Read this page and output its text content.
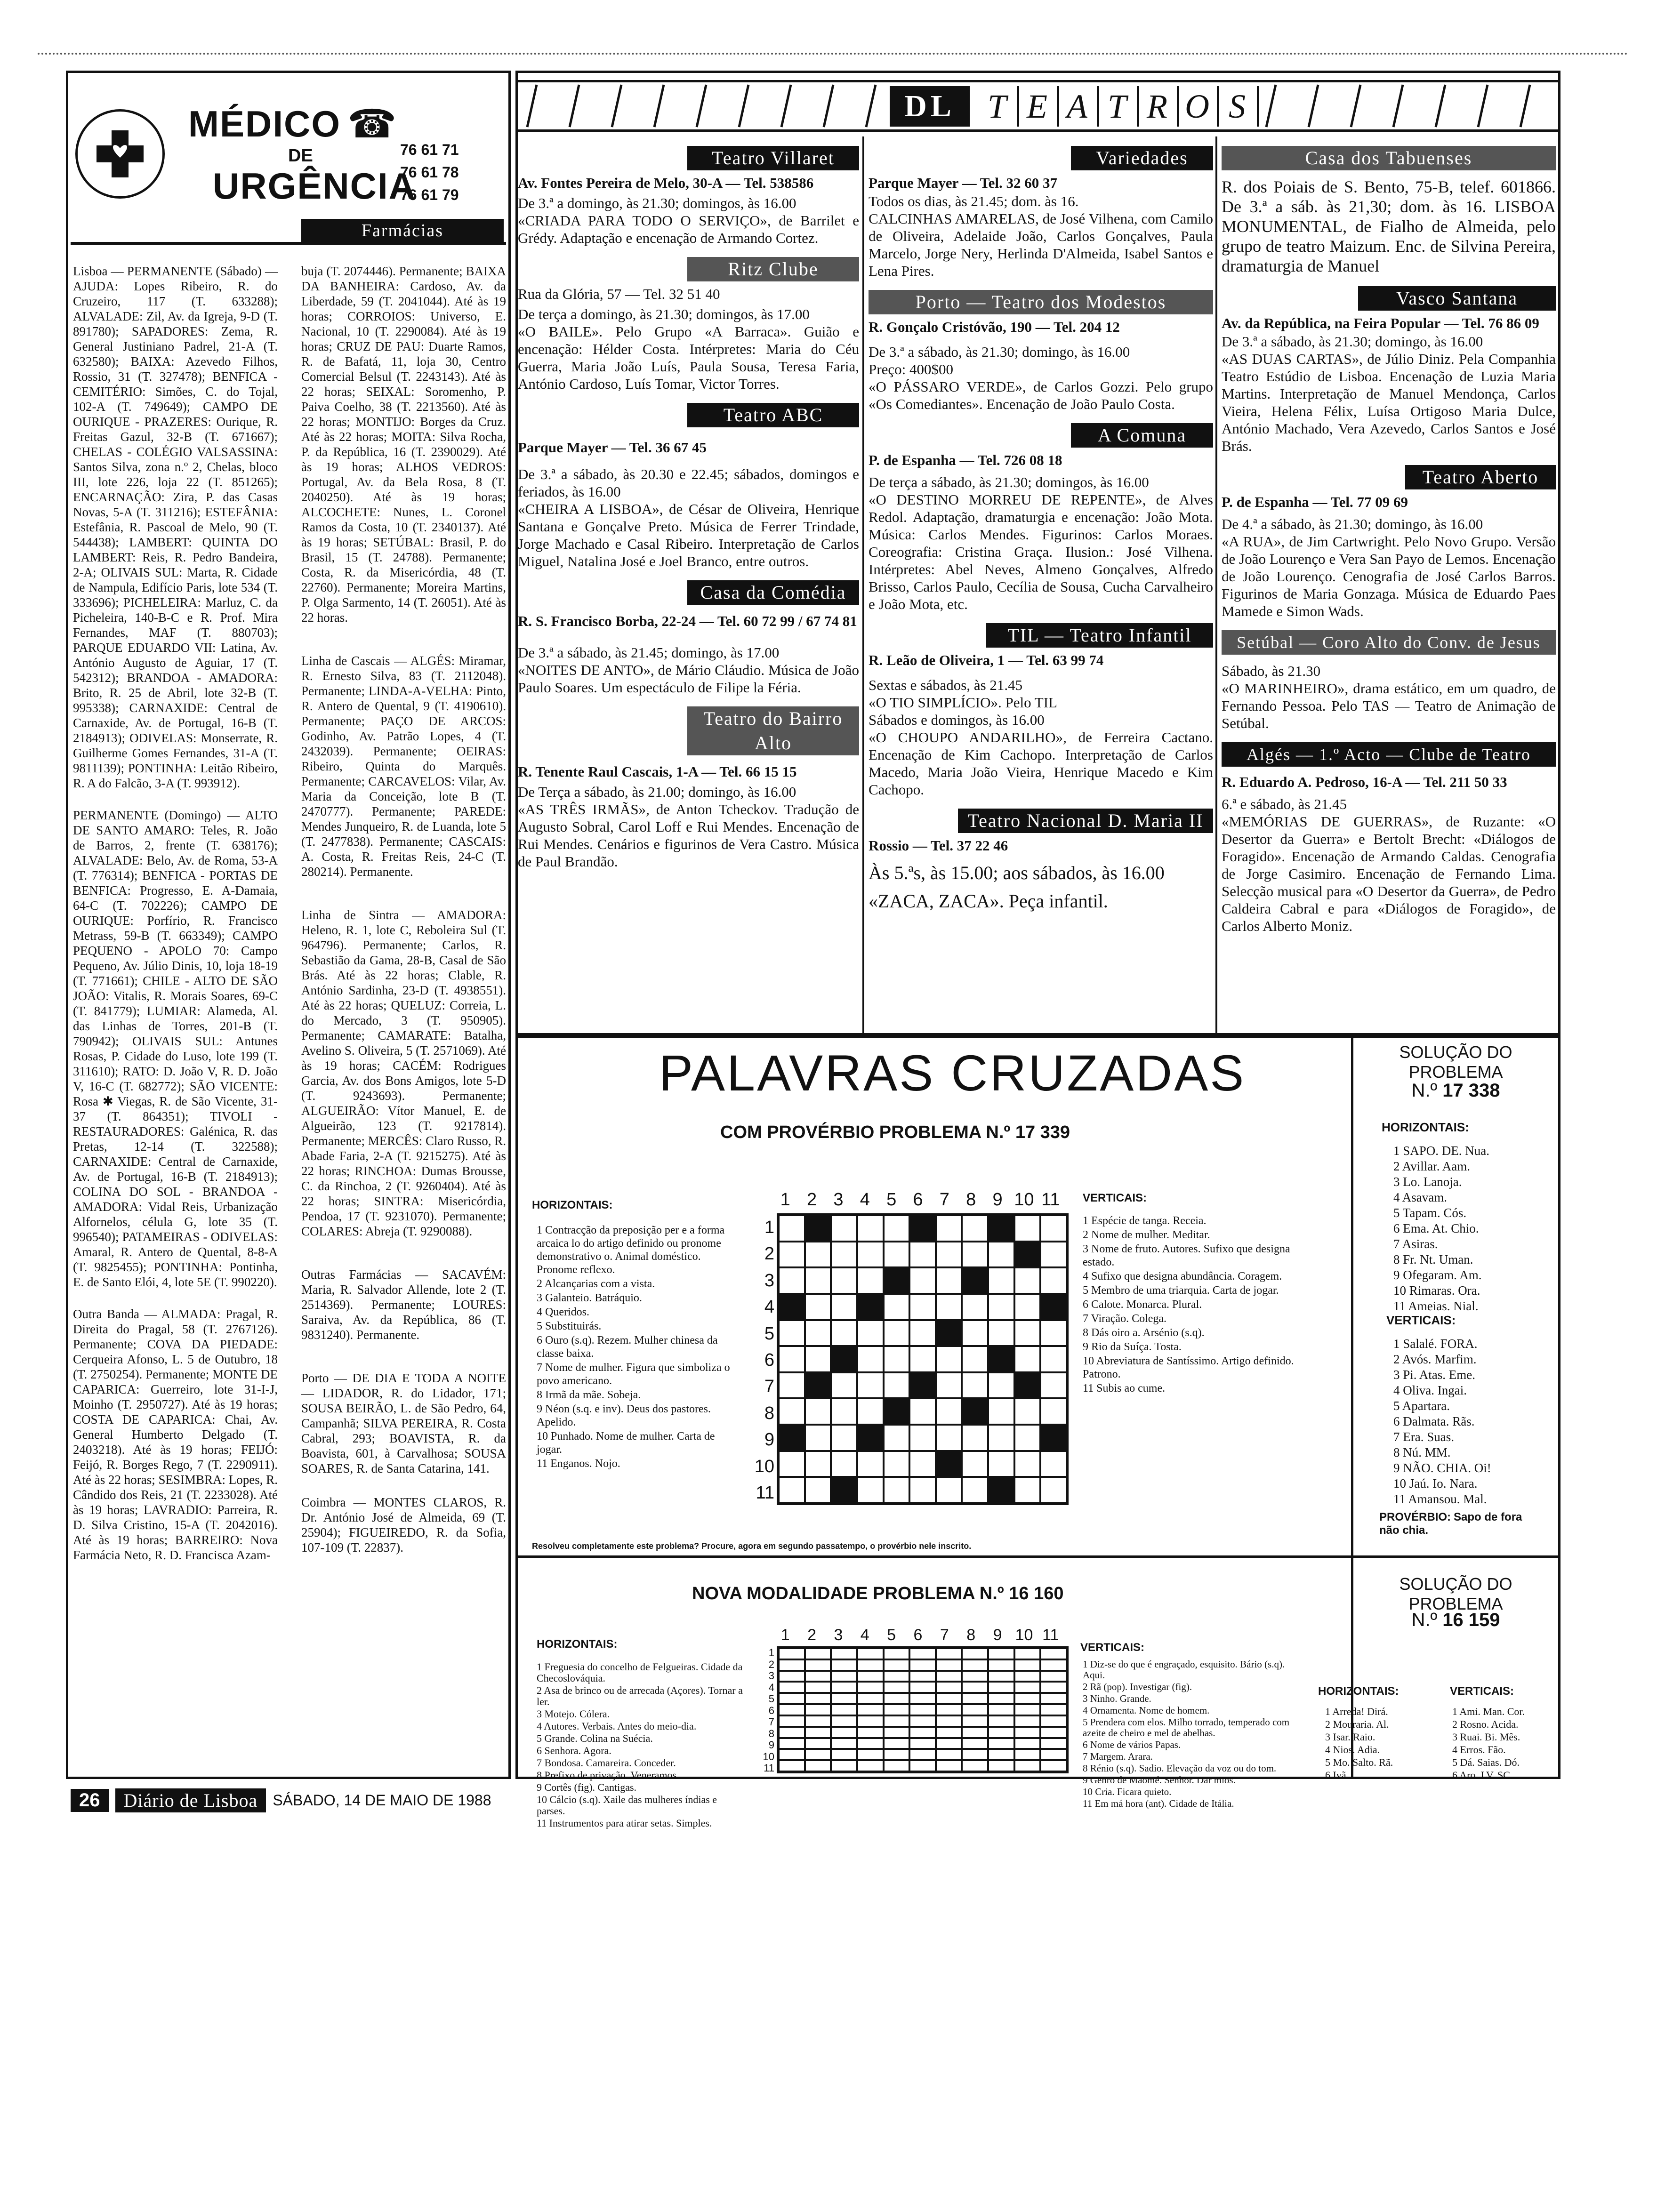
MÉDICO ☎
DE
URGÊNCIA
76 61 71
76 61 78
76 61 79
Farmácias

Lisboa — PERMANENTE (Sábado) — AJUDA: Lopes Ribeiro, R. do Cruzeiro, 117 (T. 633288); ALVALADE: Zil, Av. da Igreja, 9-D (T. 891780); SAPADORES: Zema, R. General Justiniano Padrel, 21-A (T. 632580); BAIXA: Azevedo Filhos, Rossio, 31 (T. 327478); BENFICA - CEMITÉRIO: Simões, C. do Tojal, 102-A (T. 749649); CAMPO DE OURIQUE - PRAZERES: Ourique, R. Freitas Gazul, 32-B (T. 671667); CHELAS - COLÉGIO VALSASSINA: Santos Silva, zona n.º 2, Chelas, bloco III, lote 226, loja 22 (T. 851265); ENCARNAÇÃO: Zira, P. das Casas Novas, 5-A (T. 311216); ESTEFÂNIA: Estefânia, R. Pascoal de Melo, 90 (T. 544438); LAMBERT: QUINTA DO LAMBERT: Reis, R. Pedro Bandeira, 2-A; OLIVAIS SUL: Marta, R. Cidade de Nampula, Edifício Paris, lote 534 (T. 333696); PICHELEIRA: Marluz, C. da Picheleira, 140-B-C e R. Prof. Mira Fernandes, MAF (T. 880703); PARQUE EDUARDO VII: Latina, Av. António Augusto de Aguiar, 17 (T. 542312); BRANDOA - AMADORA: Brito, R. 25 de Abril, lote 32-B (T. 995338); CARNAXIDE: Central de Carnaxide, Av. de Portugal, 16-B (T. 2184913); ODIVELAS: Monserrate, R. Guilherme Gomes Fernandes, 31-A (T. 9811139); PONTINHA: Leitão Ribeiro, R. A do Falcão, 3-A (T. 993912).

PERMANENTE (Domingo) — ALTO DE SANTO AMARO: Teles, R. João de Barros, 2, frente (T. 638176); ALVALADE: Belo, Av. de Roma, 53-A (T. 776314); BENFICA - PORTAS DE BENFICA: Progresso, E. A-Damaia, 64-C (T. 702226); CAMPO DE OURIQUE: Porfírio, R. Francisco Metrass, 59-B (T. 663349); CAMPO PEQUENO - APOLO 70: Campo Pequeno, Av. Júlio Dinis, 10, loja 18-19 (T. 771661); CHILE - ALTO DE SÃO JOÃO: Vitalis, R. Morais Soares, 69-C (T. 841779); LUMIAR: Alameda, Al. das Linhas de Torres, 201-B (T. 790942); OLIVAIS SUL: Antunes Rosas, P. Cidade do Luso, lote 199 (T. 311610); RATO: D. João V, R. D. João V, 16-C (T. 682772); SÃO VICENTE: Rosa ✱ Viegas, R. de São Vicente, 31-37 (T. 864351); TIVOLI - RESTAURADORES: Galénica, R. das Pretas, 12-14 (T. 322588); CARNAXIDE: Central de Carnaxide, Av. de Portugal, 16-B (T. 2184913); COLINA DO SOL - BRANDOA - AMADORA: Vidal Reis, Urbanização Alfornelos, célula G, lote 35 (T. 996540); PATAMEIRAS - ODIVELAS: Amaral, R. Antero de Quental, 8-8-A (T. 9825455); PONTINHA: Pontinha, E. de Santo Elói, 4, lote 5E (T. 990220).

Outra Banda — ALMADA: Pragal, R. Direita do Pragal, 58 (T. 2767126). Permanente; COVA DA PIEDADE: Cerqueira Afonso, L. 5 de Outubro, 18 (T. 2750254). Permanente; MONTE DE CAPARICA: Guerreiro, lote 31-I-J, Moinho (T. 2950727). Até às 19 horas; COSTA DE CAPARICA: Chai, Av. General Humberto Delgado (T. 2403218). Até às 19 horas; FEIJÓ: Feijó, R. Borges Rego, 7 (T. 2290911). Até às 22 horas; SESIMBRA: Lopes, R. Cândido dos Reis, 21 (T. 2233028). Até às 19 horas; LAVRADIO: Parreira, R. D. Silva Cristino, 15-A (T. 2042016). Até às 19 horas; BARREIRO: Nova Farmácia Neto, R. D. Francisca Azam-

buja (T. 2074446). Permanente; BAIXA DA BANHEIRA: Cardoso, Av. da Liberdade, 59 (T. 2041044). Até às 19 horas; CORROIOS: Universo, E. Nacional, 10 (T. 2290084). Até às 19 horas; CRUZ DE PAU: Duarte Ramos, R. de Bafatá, 11, loja 30, Centro Comercial Belsul (T. 2243143). Até às 22 horas; SEIXAL: Soromenho, P. Paiva Coelho, 38 (T. 2213560). Até às 22 horas; MONTIJO: Borges da Cruz. Até às 22 horas; MOITA: Silva Rocha, P. da República, 16 (T. 2390029). Até às 19 horas; ALHOS VEDROS: Portugal, Av. da Bela Rosa, 8 (T. 2040250). Até às 19 horas; ALCOCHETE: Nunes, L. Coronel Ramos da Costa, 10 (T. 2340137). Até às 19 horas; SETÚBAL: Brasil, P. do Brasil, 15 (T. 24788). Permanente; Costa, R. da Misericórdia, 48 (T. 22760). Permanente; Moreira Martins, P. Olga Sarmento, 14 (T. 26051). Até às 22 horas.

Linha de Cascais — ALGÉS: Miramar, R. Ernesto Silva, 83 (T. 2112048). Permanente; LINDA-A-VELHA: Pinto, R. Antero de Quental, 9 (T. 4190610). Permanente; PAÇO DE ARCOS: Godinho, Av. Patrão Lopes, 4 (T. 2432039). Permanente; OEIRAS: Ribeiro, Quinta do Marquês. Permanente; CARCAVELOS: Vilar, Av. Maria da Conceição, lote B (T. 2470777). Permanente; PAREDE: Mendes Junqueiro, R. de Luanda, lote 5 (T. 2477838). Permanente; CASCAIS: A. Costa, R. Freitas Reis, 24-C (T. 280214). Permanente.

Linha de Sintra — AMADORA: Heleno, R. 1, lote C, Reboleira Sul (T. 964796). Permanente; Carlos, R. Sebastião da Gama, 28-B, Casal de São Brás. Até às 22 horas; Clable, R. António Sardinha, 23-D (T. 4938551). Até às 22 horas; QUELUZ: Correia, L. do Mercado, 3 (T. 950905). Permanente; CAMARATE: Batalha, Avelino S. Oliveira, 5 (T. 2571069). Até às 19 horas; CACÉM: Rodrigues Garcia, Av. dos Bons Amigos, lote 5-D (T. 9243693). Permanente; ALGUEIRÃO: Vítor Manuel, E. de Algueirão, 123 (T. 9217814). Permanente; MERCÊS: Claro Russo, R. Abade Faria, 2-A (T. 9215275). Até às 22 horas; RINCHOA: Dumas Brousse, C. da Rinchoa, 2 (T. 9260404). Até às 22 horas; SINTRA: Misericórdia, Pendoa, 17 (T. 9231070). Permanente; COLARES: Abreja (T. 9290088).

Outras Farmácias — SACAVÉM: Maria, R. Salvador Allende, lote 2 (T. 2514369). Permanente; LOURES: Saraiva, Av. da República, 86 (T. 9831240). Permanente.

Porto — DE DIA E TODA A NOITE — LIDADOR, R. do Lidador, 171; SOUSA BEIRÃO, L. de São Pedro, 64, Campanhã; SILVA PEREIRA, R. Costa Cabral, 293; BOAVISTA, R. da Boavista, 601, à Carvalhosa; SOUSA SOARES, R. de Santa Catarina, 141.

Coimbra — MONTES CLAROS, R. Dr. António José de Almeida, 69 (T. 25904); FIGUEIREDO, R. da Sofia, 107-109 (T. 22837).

DL T E A T R O S
Teatro Villaret
Av. Fontes Pereira de Melo, 30-A — Tel. 538586
De 3.ª a domingo, às 21.30; domingos, às 16.00
«CRIADA PARA TODO O SERVIÇO», de Barrilet e Grédy. Adaptação e encenação de Armando Cortez.
Ritz Clube
Rua da Glória, 57 — Tel. 32 51 40
De terça a domingo, às 21.30; domingos, às 17.00
«O BAILE». Pelo Grupo «A Barraca». Guião e encenação: Hélder Costa. Intérpretes: Maria do Céu Guerra, Maria João Luís, Paula Sousa, Teresa Faria, António Cardoso, Luís Tomar, Victor Torres.
Teatro ABC
Parque Mayer — Tel. 36 67 45
De 3.ª a sábado, às 20.30 e 22.45; sábados, domingos e feriados, às 16.00
«CHEIRA A LISBOA», de César de Oliveira, Henrique Santana e Gonçalve Preto. Música de Ferrer Trindade, Jorge Machado e Casal Ribeiro. Interpretação de Carlos Miguel, Natalina José e Joel Branco, entre outros.
Casa da Comédia
R. S. Francisco Borba, 22-24 — Tel. 60 72 99 / 67 74 81
De 3.ª a sábado, às 21.45; domingo, às 17.00
«NOITES DE ANTO», de Mário Cláudio. Música de João Paulo Soares. Um espectáculo de Filipe la Féria.
Teatro do Bairro Alto
R. Tenente Raul Cascais, 1-A — Tel. 66 15 15
De Terça a sábado, às 21.00; domingo, às 16.00
«AS TRÊS IRMÃS», de Anton Tcheckov. Tradução de Augusto Sobral, Carol Loff e Rui Mendes. Encenação de Rui Mendes. Cenários e figurinos de Vera Castro. Música de Paul Brandão.
Variedades
Parque Mayer — Tel. 32 60 37
Todos os dias, às 21.45; dom. às 16.
CALCINHAS AMARELAS, de José Vilhena, com Camilo de Oliveira, Adelaide João, Carlos Gonçalves, Paula Marcelo, Jorge Nery, Herlinda D'Almeida, Isabel Santos e Lena Pires.
Porto — Teatro dos Modestos
R. Gonçalo Cristóvão, 190 — Tel. 204 12
De 3.ª a sábado, às 21.30; domingo, às 16.00
Preço: 400$00
«O PÁSSARO VERDE», de Carlos Gozzi. Pelo grupo «Os Comediantes». Encenação de João Paulo Costa.
A Comuna
P. de Espanha — Tel. 726 08 18
De terça a sábado, às 21.30; domingos, às 16.00
«O DESTINO MORREU DE REPENTE», de Alves Redol. Adaptação, dramaturgia e encenação: João Mota. Música: Carlos Mendes. Figurinos: Carlos Moraes. Coreografia: Cristina Graça. Ilusion.: José Vilhena. Intérpretes: Abel Neves, Almeno Gonçalves, Alfredo Brisso, Carlos Paulo, Cecília de Sousa, Cucha Carvalheiro e João Mota, etc.
TIL — Teatro Infantil
R. Leão de Oliveira, 1 — Tel. 63 99 74
Sextas e sábados, às 21.45
«O TIO SIMPLÍCIO». Pelo TIL
Sábados e domingos, às 16.00
«O CHOUPO ANDARILHO», de Ferreira Cactano. Encenação de Kim Cachopo. Interpretação de Carlos Macedo, Maria João Vieira, Henrique Macedo e Kim Cachopo.
Teatro Nacional D. Maria II
Rossio — Tel. 37 22 46
Às 5.ªs, às 15.00; aos sábados, às 16.00
«ZACA, ZACA». Peça infantil.
Casa dos Tabuenses
R. dos Poiais de S. Bento, 75-B, telef. 601866. De 3.ª a sáb. às 21,30; dom. às 16. LISBOA MONUMENTAL, de Fialho de Almeida, pelo grupo de teatro Maizum. Enc. de Silvina Pereira, dramaturgia de Manuel
Vasco Santana
Av. da República, na Feira Popular — Tel. 76 86 09
De 3.ª a sábado, às 21.30; domingo, às 16.00
«AS DUAS CARTAS», de Júlio Diniz. Pela Companhia Teatro Estúdio de Lisboa. Encenação de Luzia Maria Martins. Interpretação de Manuel Mendonça, Carlos Vieira, Helena Félix, Luísa Ortigoso Maria Dulce, António Machado, Vera Azevedo, Carlos Santos e José Brás.
Teatro Aberto
P. de Espanha — Tel. 77 09 69
De 4.ª a sábado, às 21.30; domingo, às 16.00
«A RUA», de Jim Cartwright. Pelo Novo Grupo. Versão de João Lourenço e Vera San Payo de Lemos. Encenação de João Lourenço. Cenografia de José Carlos Barros. Figurinos de Maria Gonzaga. Música de Eduardo Paes Mamede e Simon Wads.
Setúbal — Coro Alto do Conv. de Jesus
Sábado, às 21.30
«O MARINHEIRO», drama estático, em um quadro, de Fernando Pessoa. Pelo TAS — Teatro de Animação de Setúbal.
Algés — 1.º Acto — Clube de Teatro
R. Eduardo A. Pedroso, 16-A — Tel. 211 50 33
6.ª e sábado, às 21.45
«MEMÓRIAS DE GUERRAS», de Ruzante: «O Desertor da Guerra» e Bertolt Brecht: «Diálogos de Foragido». Encenação de Armando Caldas. Cenografia de Jorge Casimiro. Encenação de Fernando Lima. Selecção musical para «O Desertor da Guerra», de Pedro Caldeira Cabral e para «Diálogos de Foragido», de Carlos Alberto Moniz.
PALAVRAS CRUZADAS
COM PROVÉRBIO PROBLEMA N.º 17 339
HORIZONTAIS:
1 Contracção da preposição per e a forma arcaica lo do artigo definido ou pronome demonstrativo o. Animal doméstico. Pronome reflexo.
2 Alcançarias com a vista.
3 Galanteio. Batráquio.
4 Queridos.
5 Substituirás.
6 Ouro (s.q). Rezem. Mulher chinesa da classe baixa.
7 Nome de mulher. Figura que simboliza o povo americano.
8 Irmã da mãe. Sobeja.
9 Néon (s.q. e inv). Deus dos pastores. Apelido.
10 Punhado. Nome de mulher. Carta de jogar.
11 Enganos. Nojo.
1 2 3 4 5 6 7 8 9 10 11
1
2
3
4
5
6
7
8
9
10
11
VERTICAIS:
1 Espécie de tanga. Receia.
2 Nome de mulher. Meditar.
3 Nome de fruto. Autores. Sufixo que designa estado.
4 Sufixo que designa abundância. Coragem.
5 Membro de uma triarquia. Carta de jogar.
6 Calote. Monarca. Plural.
7 Viração. Colega.
8 Dás oiro a. Arsénio (s.q).
9 Rio da Suíça. Tosta.
10 Abreviatura de Santíssimo. Artigo definido. Patrono.
11 Subis ao cume.
Resolveu completamente este problema? Procure, agora em segundo passatempo, o provérbio nele inscrito.
SOLUÇÃO DO PROBLEMA
N.º 17 338
HORIZONTAIS:
1 SAPO. DE. Nua.
2 Avillar. Aam.
3 Lo. Lanoja.
4 Asavam.
5 Tapam. Cós.
6 Ema. At. Chio.
7 Asiras.
8 Fr. Nt. Uman.
9 Ofegaram. Am.
10 Rimaras. Ora.
11 Ameias. Nial.
VERTICAIS:
1 Salalé. FORA.
2 Avós. Marfim.
3 Pi. Atas. Eme.
4 Oliva. Ingai.
5 Apartara.
6 Dalmata. Rãs.
7 Era. Suas.
8 Nú. MM.
9 NÃO. CHIA. Oi!
10 Jaú. Io. Nara.
11 Amansou. Mal.
PROVÉRBIO: Sapo de fora não chia.
NOVA MODALIDADE PROBLEMA N.º 16 160
HORIZONTAIS:
1 Freguesia do concelho de Felgueiras. Cidade da Checoslováquia.
2 Asa de brinco ou de arrecada (Açores). Tornar a ler.
3 Motejo. Cólera.
4 Autores. Verbais. Antes do meio-dia.
5 Grande. Colina na Suécia.
6 Senhora. Agora.
7 Bondosa. Camareira. Conceder.
8 Prefixo de privação. Veneramos.
9 Cortês (fig). Cantigas.
10 Cálcio (s.q). Xaile das mulheres índias e parses.
11 Instrumentos para atirar setas. Simples.
1	2	3	4	5	6	7	8	9 10 11
1
2
3
4
5
6
7
8
9
10
11
VERTICAIS:
1 Diz-se do que é engraçado, esquisito. Bário (s.q). Aqui.
2 Rã (pop). Investigar (fig).
3 Ninho. Grande.
4 Ornamenta. Nome de homem.
5 Prendera com elos. Milho torrado, temperado com azeite de cheiro e mel de abelhas.
6 Nome de vários Papas.
7 Margem. Arara.
8 Rénio (s.q). Sadio. Elevação da voz ou do tom.
9 Genro de Maomé. Senhor. Dar mios.
10 Cria. Ficara quieto.
11 Em má hora (ant). Cidade de Itália.
SOLUÇÃO DO PROBLEMA
N.º 16 159
HORIZONTAIS:
1 Arreda! Dirá.
2 Mouraria. Al.
3 Isar. Raio.
4 Nios. Adia.
5 Mo. Salto. Rã.
6 Ivã.
VERTICAIS:
1 Ami. Man. Cor.
2 Rosno. Acida.
3 Ruai. Bi. Mês.
4 Erros. Fão.
5 Dá. Saias. Dó.
6 Aro. LV. SC.
26	Diário de Lisboa	SÁBADO, 14 DE MAIO DE 1988
